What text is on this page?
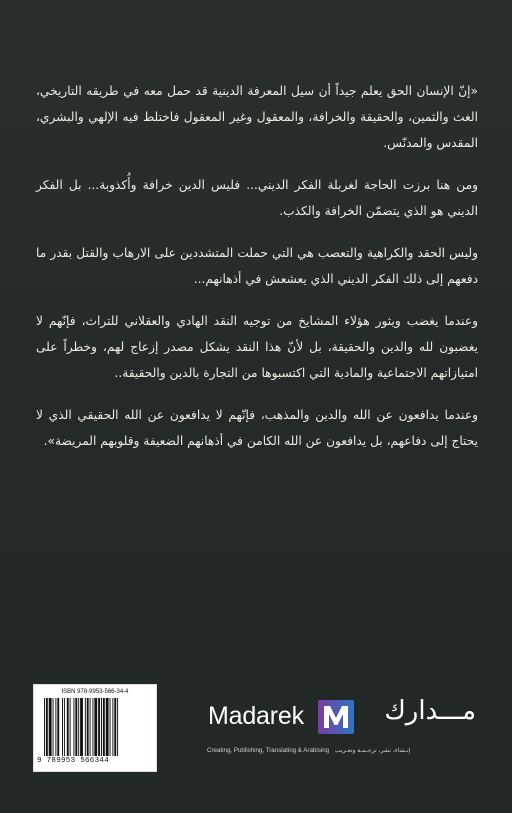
«إنّ الإنسان الحق يعلم جيداً أن سيل المعرفة الدينية قد حمل معه في طريقه التاريخي، الغث والثمين، والحقيقة والخرافة، والمعقول وغير المعقول فاختلط فيه الإلهي والبشري، المقدس والمدنّس.

ومن هنا برزت الحاجة لغربلة الفكر الديني... فليس الدين خرافة وأُكذوبة... بل الفكر الديني هو الذي يتضمّن الخرافة والكذب.

وليس الحقد والكراهية والتعصب هي التي حملت المتشددين على الارهاب والقتل بقدر ما دفعهم إلى ذلك الفكر الديني الذي يعشعش في أذهانهم...

وعندما يغضب ويثور هؤلاء المشايخ من توجيه النقد الهادي والعقلاني للتراث، فإنّهم لا يغضبون لله والدين والحقيقة، بل لأنّ هذا النقد يشكل مصدر إزعاج لهم، وخطراً على امتيازاتهم الاجتماعية والمادية التي اكتسبوها من التجارة بالدين والحقيقة..

وعندما يدافعون عن الله والدين والمذهب، فإنّهم لا يدافعون عن الله الحقيقي الذي لا يحتاج إلى دفاعهم، بل يدافعون عن الله الكامن في أذهانهم الضعيفة وقلوبهم المريضة».

ISBN 978-9953-566-34-4
9 789953 566344
Madarek	مـــدارك
Creating, Publishing, Translating & Arabising إنـشاء، نشر، ترجـمـة وتعـريب
